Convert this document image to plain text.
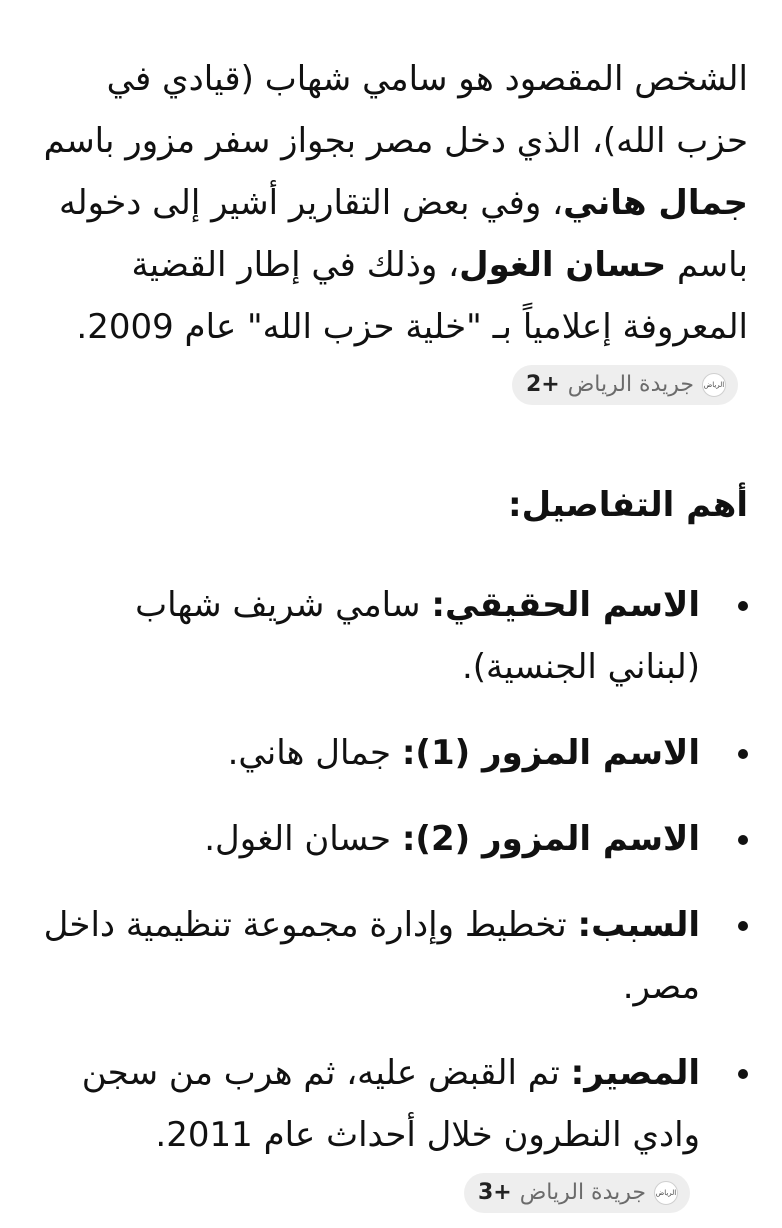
الشخص المقصود هو سامي شهاب (قيادي في حزب الله)، الذي دخل مصر بجواز سفر مزور باسم جمال هاني، وفي بعض التقارير أشير إلى دخوله باسم حسان الغول، وذلك في إطار القضية المعروفة إعلامياً بـ "خلية حزب الله" عام 2009.
الرياض
جريدة الرياض
+2

أهم التفاصيل:
الاسم الحقيقي: سامي شريف شهاب (لبناني الجنسية).
الاسم المزور (1): جمال هاني.
الاسم المزور (2): حسان الغول.
السبب: تخطيط وإدارة مجموعة تنظيمية داخل مصر.
المصير: تم القبض عليه، ثم هرب من سجن وادي النطرون خلال أحداث عام 2011.
الرياض
جريدة الرياض
+3
